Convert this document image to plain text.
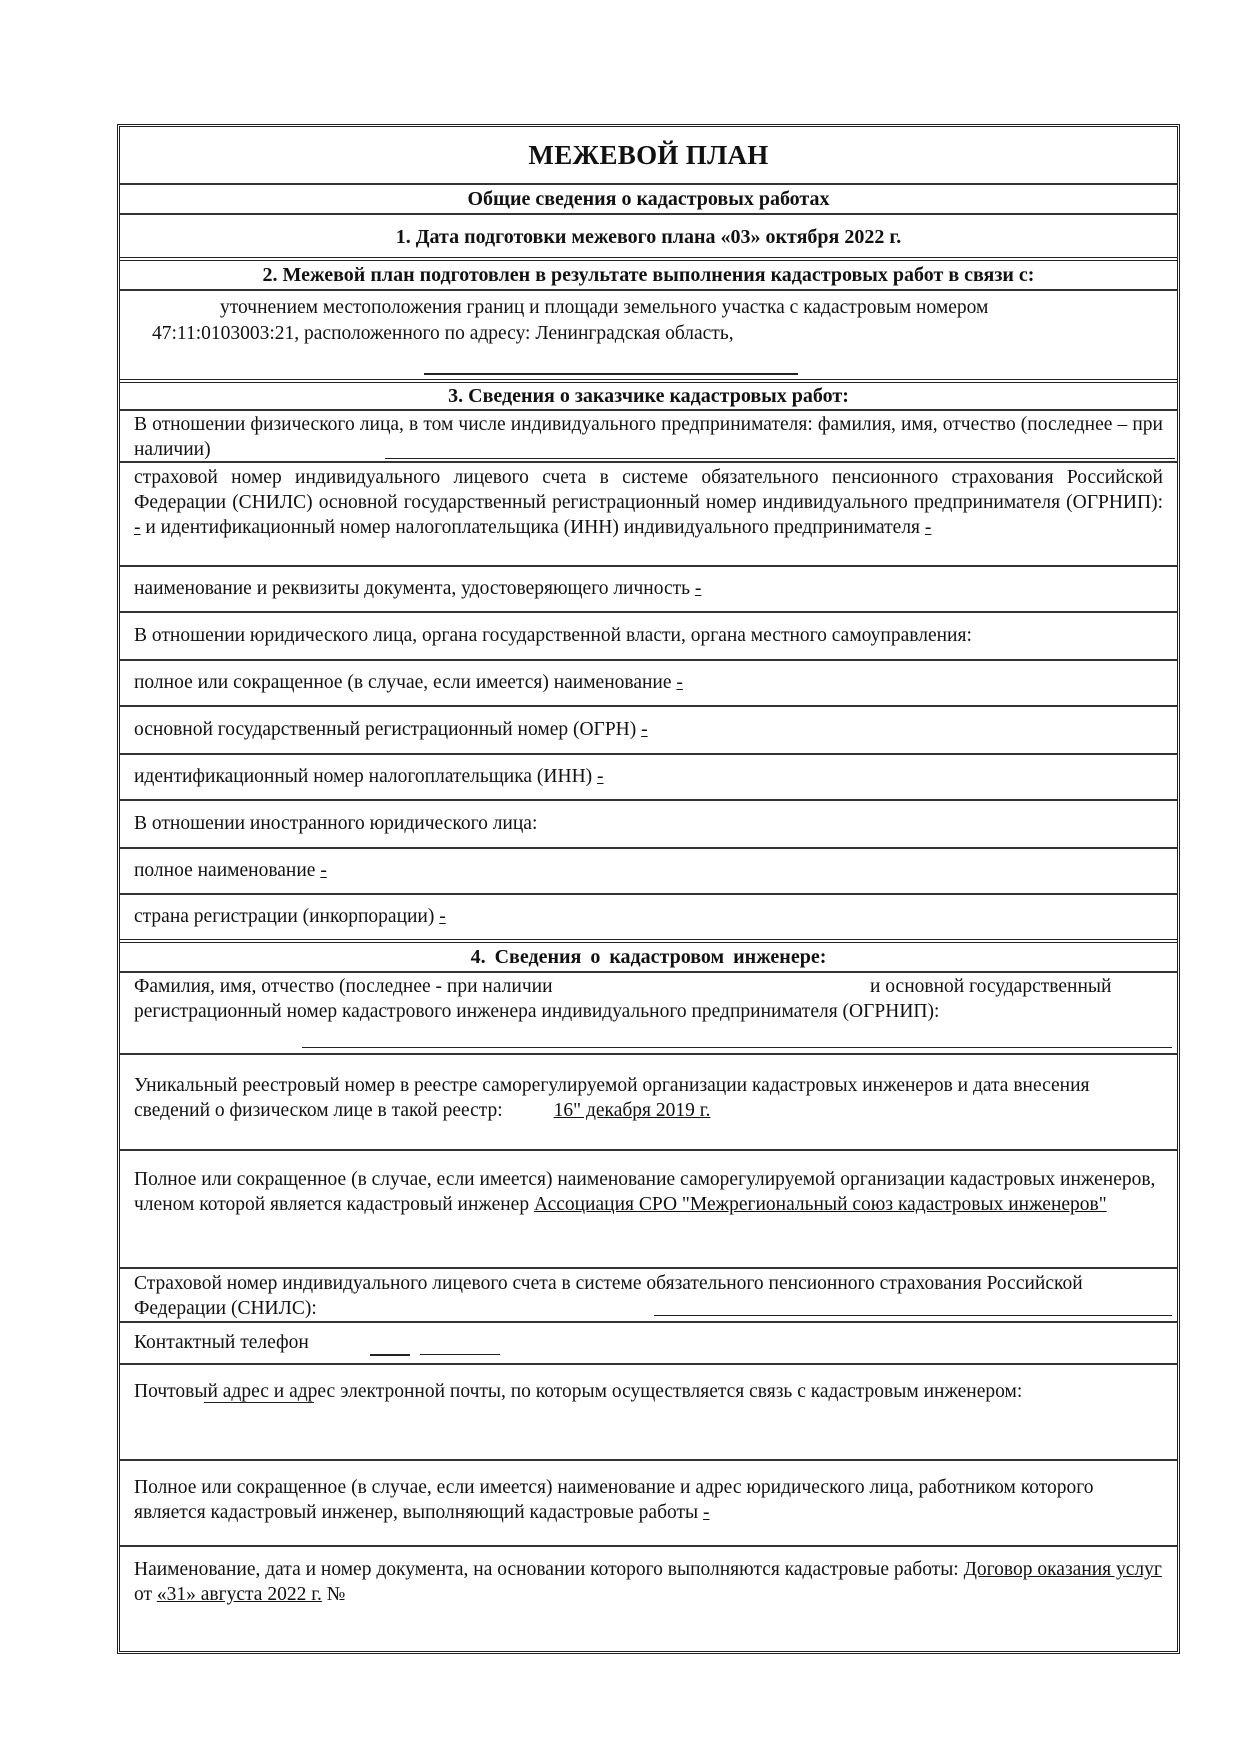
МЕЖЕВОЙ ПЛАН
Общие сведения о кадастровых работах
1. Дата подготовки межевого плана «03» октября 2022 г.
2. Межевой план подготовлен в результате выполнения кадастровых работ в связи с:
уточнением местоположения границ и площади земельного участка с кадастровым номером
47:11:0103003:21, расположенного по адресу: Ленинградская область,
3. Сведения о заказчике кадастровых работ:
В отношении физического лица, в том числе индивидуального предпринимателя: фамилия, имя, отчество (последнее – при наличии)
страховой номер индивидуального лицевого счета в системе обязательного пенсионного страхования Российской Федерации (СНИЛС) основной государственный регистрационный номер индивидуального предпринимателя (ОГРНИП): - и идентификационный номер налогоплательщика (ИНН) индивидуального предпринимателя -
наименование и реквизиты документа, удостоверяющего личность -
В отношении юридического лица, органа государственной власти, органа местного самоуправления:
полное или сокращенное (в случае, если имеется) наименование -
основной государственный регистрационный номер (ОГРН) -
идентификационный номер налогоплательщика (ИНН) -
В отношении иностранного юридического лица:
полное наименование -
страна регистрации (инкорпорации) -
4. Сведения о кадастровом инженере:
Фамилия, имя, отчество (последнее - при наличии	и основной государственный
регистрационный номер кадастрового инженера индивидуального предпринимателя (ОГРНИП):
Уникальный реестровый номер в реестре саморегулируемой организации кадастровых инженеров и дата внесения сведений о физическом лице в такой реестр:	16" декабря 2019 г.
Полное или сокращенное (в случае, если имеется) наименование саморегулируемой организации кадастровых инженеров, членом которой является кадастровый инженер Ассоциация СРО "Межрегиональный союз кадастровых инженеров"
Страховой номер индивидуального лицевого счета в системе обязательного пенсионного страхования Российской Федерации (СНИЛС):
Контактный телефон
Почтовый адрес и адрес электронной почты, по которым осуществляется связь с кадастровым инженером:
Полное или сокращенное (в случае, если имеется) наименование и адрес юридического лица, работником которого является кадастровый инженер, выполняющий кадастровые работы -
Наименование, дата и номер документа, на основании которого выполняются кадастровые работы: Договор оказания услуг от «31» августа 2022 г. №
